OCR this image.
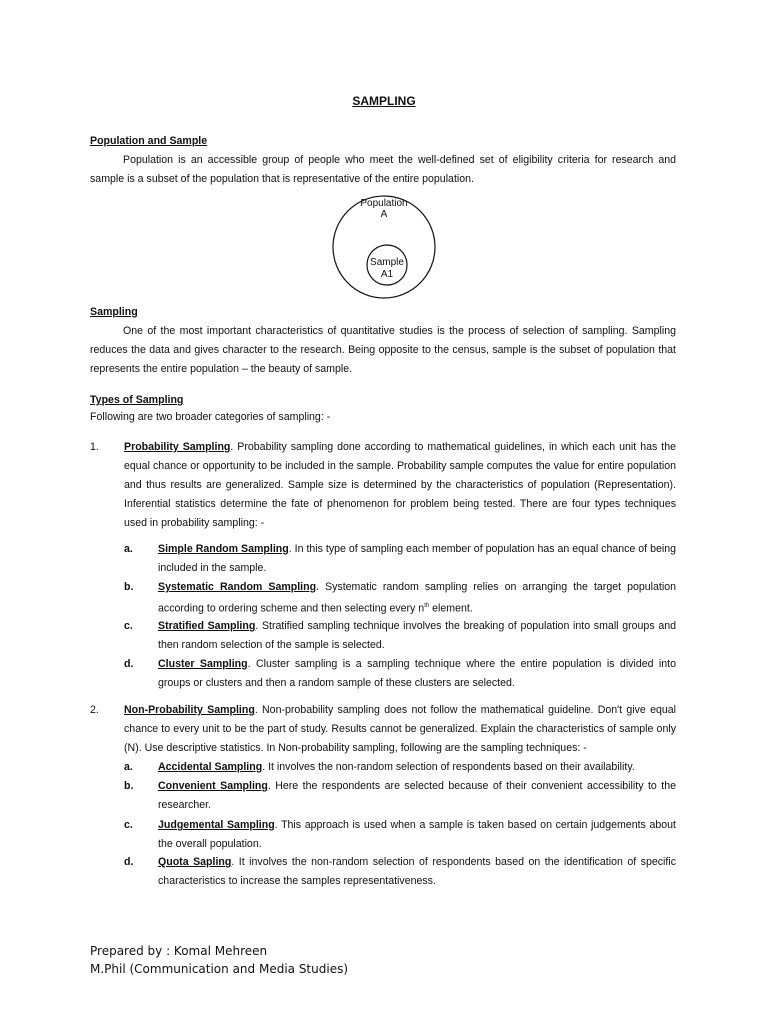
SAMPLING
Population and Sample
Population is an accessible group of people who meet the well-defined set of eligibility criteria for research and sample is a subset of the population that is representative of the entire population.
Population
A
Sample
A1
Sampling
One of the most important characteristics of quantitative studies is the process of selection of sampling. Sampling reduces the data and gives character to the research. Being opposite to the census, sample is the subset of population that represents the entire population – the beauty of sample.
Types of Sampling
Following are two broader categories of sampling: -
1. Probability Sampling. Probability sampling done according to mathematical guidelines, in which each unit has the equal chance or opportunity to be included in the sample. Probability sample computes the value for entire population and thus results are generalized. Sample size is determined by the characteristics of population (Representation). Inferential statistics determine the fate of phenomenon for problem being tested. There are four types techniques used in probability sampling: -
a. Simple Random Sampling. In this type of sampling each member of population has an equal chance of being included in the sample.
b. Systematic Random Sampling. Systematic random sampling relies on arranging the target population according to ordering scheme and then selecting every $n^{th}$ element.
c. Stratified Sampling. Stratified sampling technique involves the breaking of population into small groups and then random selection of the sample is selected.
d. Cluster Sampling. Cluster sampling is a sampling technique where the entire population is divided into groups or clusters and then a random sample of these clusters are selected.
2. Non-Probability Sampling. Non-probability sampling does not follow the mathematical guideline. Don't give equal chance to every unit to be the part of study. Results cannot be generalized. Explain the characteristics of sample only (N). Use descriptive statistics. In Non-probability sampling, following are the sampling techniques: -
a. Accidental Sampling. It involves the non-random selection of respondents based on their availability.
b. Convenient Sampling. Here the respondents are selected because of their convenient accessibility to the researcher.
c. Judgemental Sampling. This approach is used when a sample is taken based on certain judgements about the overall population.
d. Quota Sapling. It involves the non-random selection of respondents based on the identification of specific characteristics to increase the samples representativeness.
Prepared by : Komal Mehreen
M.Phil (Communication and Media Studies)
